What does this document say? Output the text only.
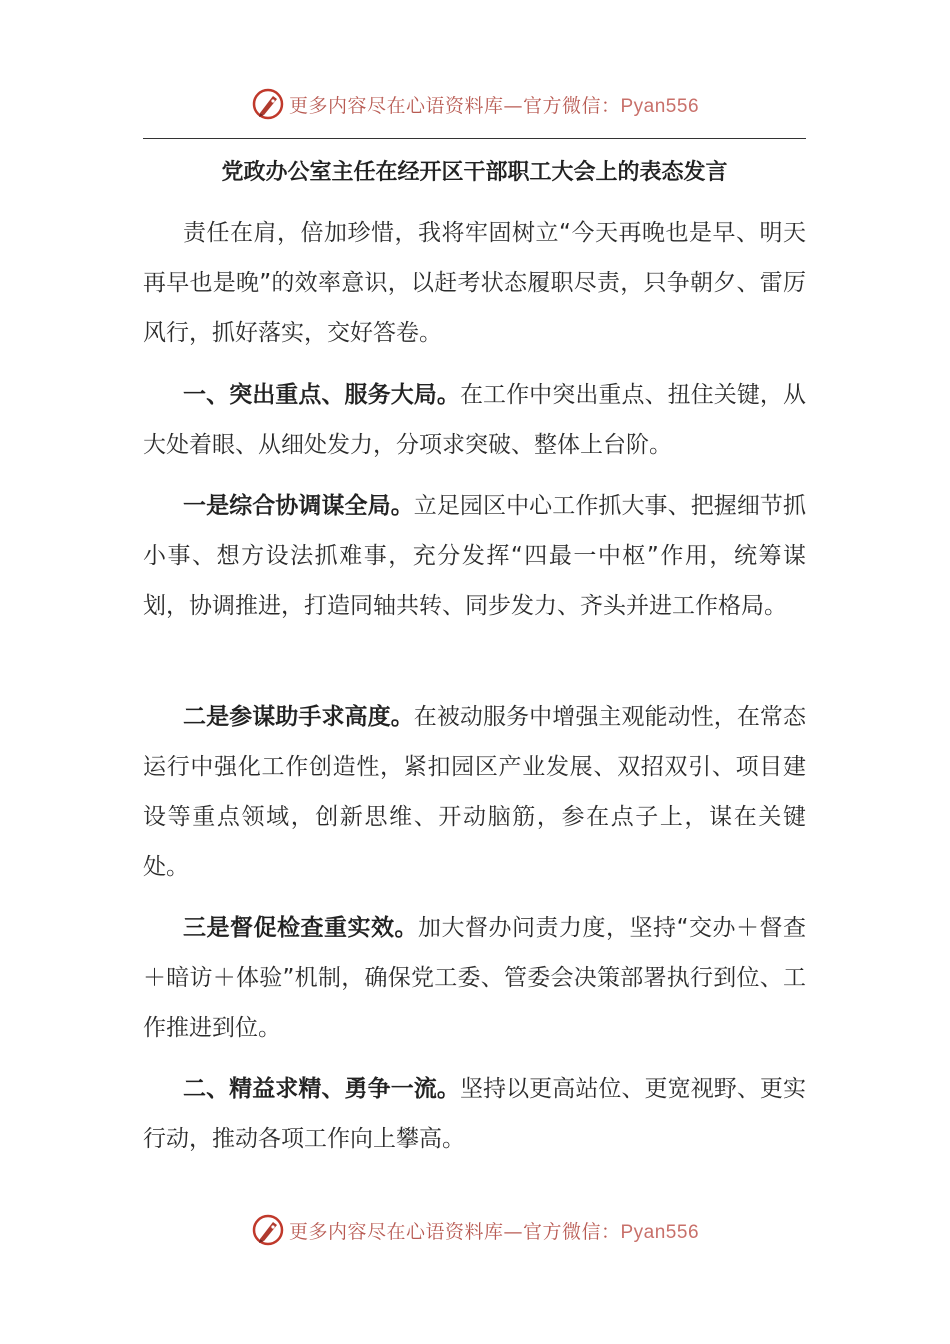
更多内容尽在心语资料库—官方微信：Pyan556
党政办公室主任在经开区干部职工大会上的表态发言

责任在肩，倍加珍惜，我将牢固树立“今天再晚也是早、明天再早也是晚”的效率意识，以赶考状态履职尽责，只争朝夕、雷厉风行，抓好落实，交好答卷。

一、突出重点、服务大局。在工作中突出重点、扭住关键，从大处着眼、从细处发力，分项求突破、整体上台阶。

一是综合协调谋全局。立足园区中心工作抓大事、把握细节抓小事、想方设法抓难事，充分发挥“四最一中枢”作用，统筹谋划，协调推进，打造同轴共转、同步发力、齐头并进工作格局。

二是参谋助手求高度。在被动服务中增强主观能动性，在常态运行中强化工作创造性，紧扣园区产业发展、双招双引、项目建设等重点领域，创新思维、开动脑筋，参在点子上，谋在关键处。

三是督促检查重实效。加大督办问责力度，坚持“交办＋督查＋暗访＋体验”机制，确保党工委、管委会决策部署执行到位、工作推进到位。

二、精益求精、勇争一流。坚持以更高站位、更宽视野、更实行动，推动各项工作向上攀高。

更多内容尽在心语资料库—官方微信：Pyan556
